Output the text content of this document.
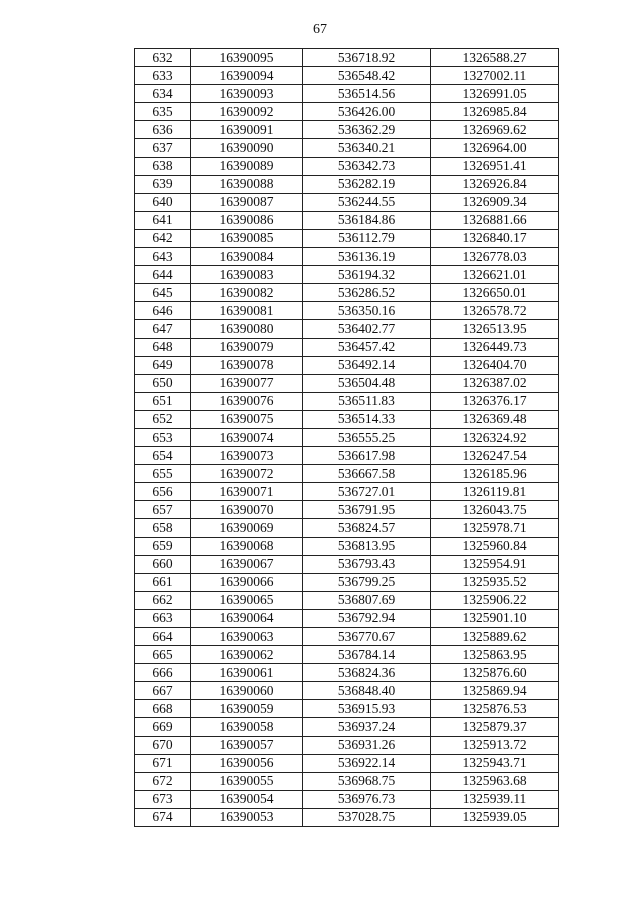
67
632	16390095	536718.92	1326588.27
633	16390094	536548.42	1327002.11
634	16390093	536514.56	1326991.05
635	16390092	536426.00	1326985.84
636	16390091	536362.29	1326969.62
637	16390090	536340.21	1326964.00
638	16390089	536342.73	1326951.41
639	16390088	536282.19	1326926.84
640	16390087	536244.55	1326909.34
641	16390086	536184.86	1326881.66
642	16390085	536112.79	1326840.17
643	16390084	536136.19	1326778.03
644	16390083	536194.32	1326621.01
645	16390082	536286.52	1326650.01
646	16390081	536350.16	1326578.72
647	16390080	536402.77	1326513.95
648	16390079	536457.42	1326449.73
649	16390078	536492.14	1326404.70
650	16390077	536504.48	1326387.02
651	16390076	536511.83	1326376.17
652	16390075	536514.33	1326369.48
653	16390074	536555.25	1326324.92
654	16390073	536617.98	1326247.54
655	16390072	536667.58	1326185.96
656	16390071	536727.01	1326119.81
657	16390070	536791.95	1326043.75
658	16390069	536824.57	1325978.71
659	16390068	536813.95	1325960.84
660	16390067	536793.43	1325954.91
661	16390066	536799.25	1325935.52
662	16390065	536807.69	1325906.22
663	16390064	536792.94	1325901.10
664	16390063	536770.67	1325889.62
665	16390062	536784.14	1325863.95
666	16390061	536824.36	1325876.60
667	16390060	536848.40	1325869.94
668	16390059	536915.93	1325876.53
669	16390058	536937.24	1325879.37
670	16390057	536931.26	1325913.72
671	16390056	536922.14	1325943.71
672	16390055	536968.75	1325963.68
673	16390054	536976.73	1325939.11
674	16390053	537028.75	1325939.05
